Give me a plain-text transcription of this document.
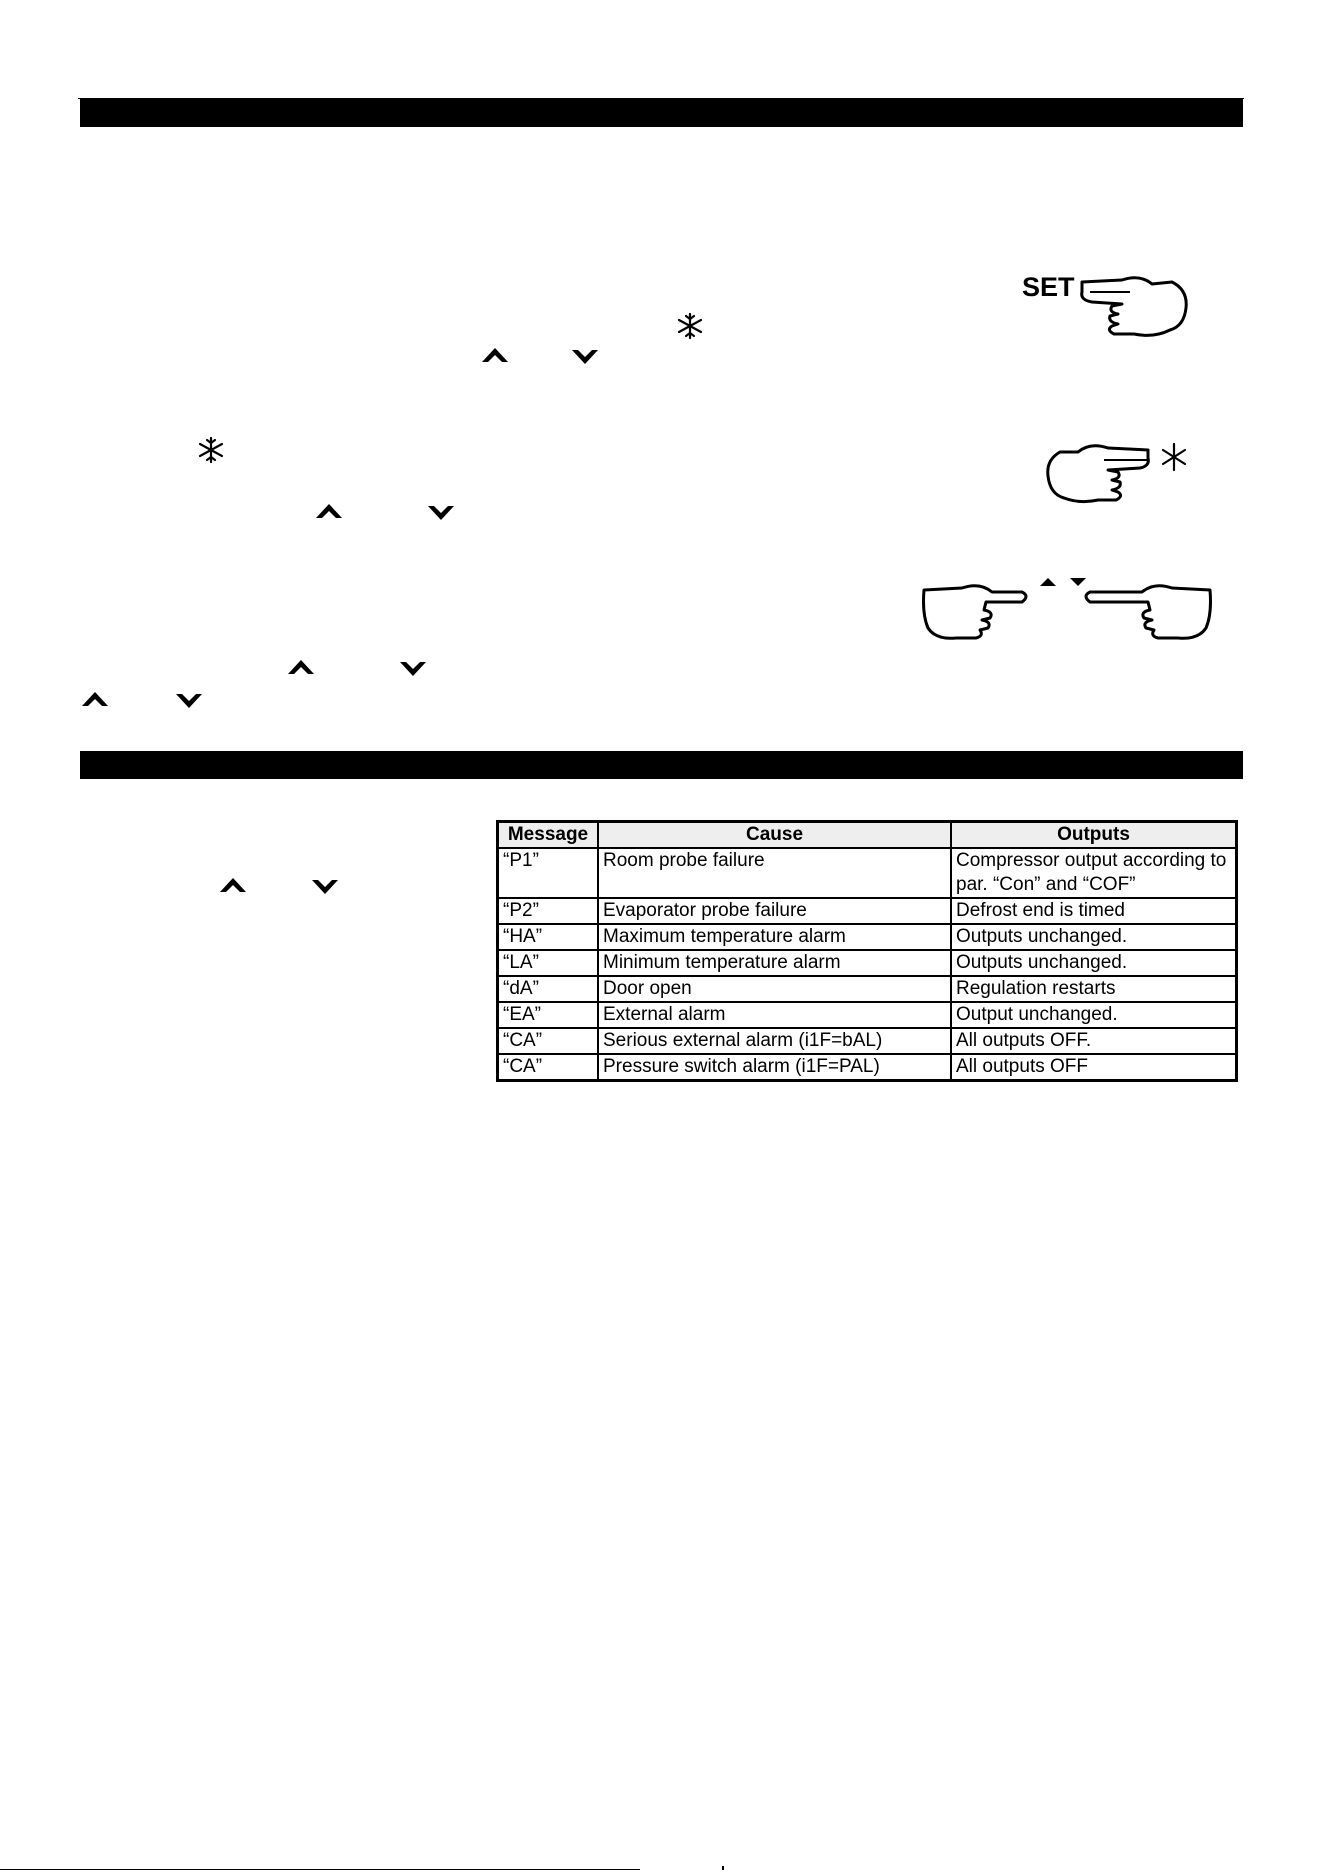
SET
Message	Cause	Outputs
“P1”	Room probe failure	Compressor output according to par. “Con” and “COF”
“P2”	Evaporator probe failure	Defrost end is timed
“HA”	Maximum temperature alarm	Outputs unchanged.
“LA”	Minimum temperature alarm	Outputs unchanged.
“dA”	Door open	Regulation restarts
“EA”	External alarm	Output unchanged.
“CA”	Serious external alarm (i1F=bAL)	All outputs OFF.
“CA”	Pressure switch alarm (i1F=PAL)	All outputs OFF
